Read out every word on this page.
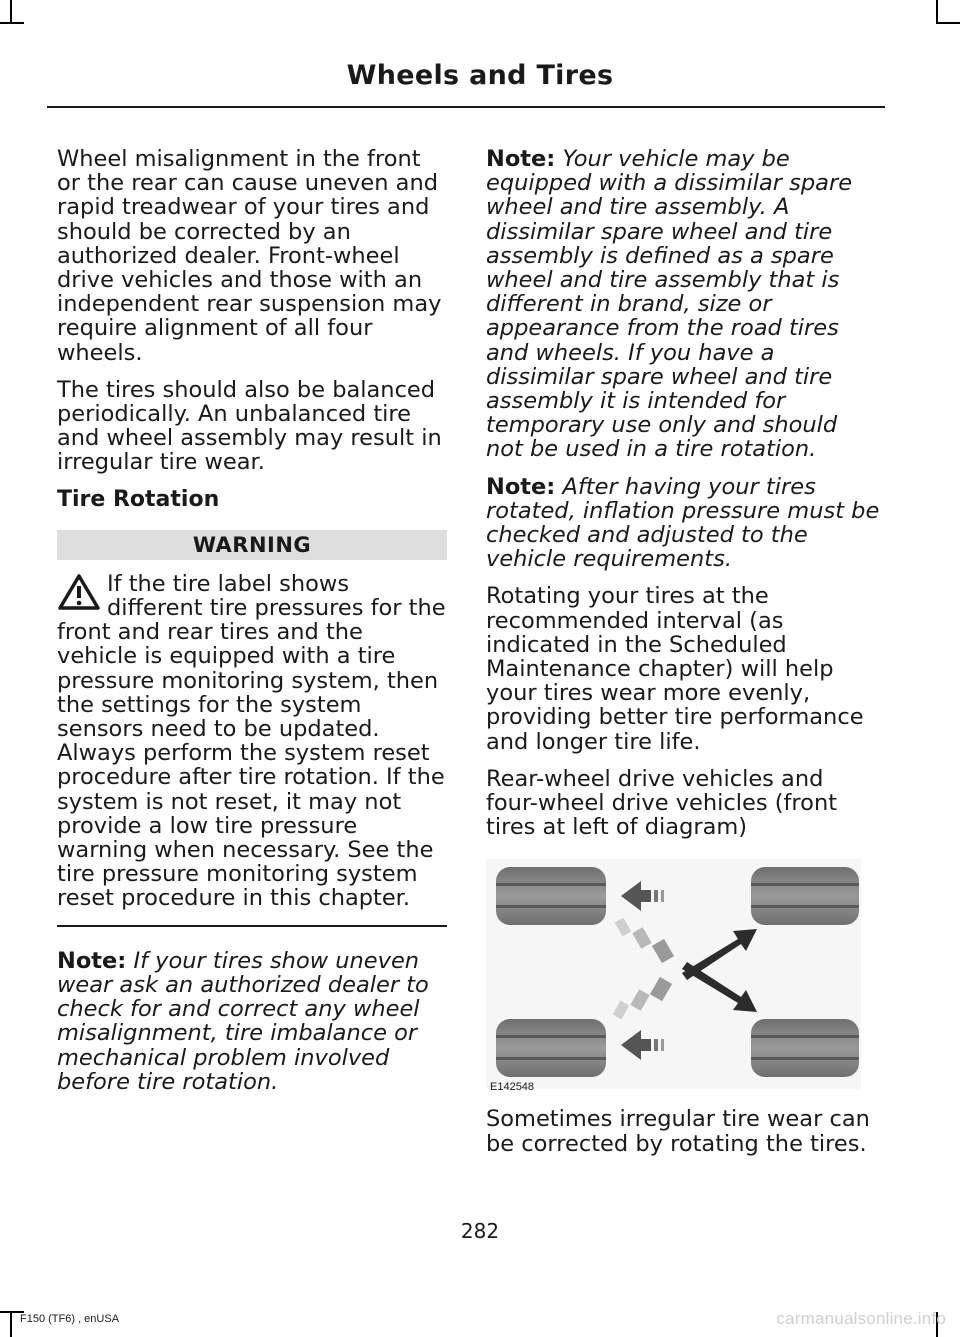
Wheels and Tires

Wheel misalignment in the front or the rear can cause uneven and rapid treadwear of your tires and should be corrected by an authorized dealer. Front-wheel drive vehicles and those with an independent rear suspension may require alignment of all four wheels.

The tires should also be balanced periodically. An unbalanced tire and wheel assembly may result in irregular tire wear.

Tire Rotation
WARNING

If the tire label shows different tire pressures for the front and rear tires and the vehicle is equipped with a tire pressure monitoring system, then the settings for the system sensors need to be updated. Always perform the system reset procedure after tire rotation. If the system is not reset, it may not provide a low tire pressure warning when necessary. See the tire pressure monitoring system reset procedure in this chapter.

Note: If your tires show uneven wear ask an authorized dealer to check for and correct any wheel misalignment, tire imbalance or mechanical problem involved before tire rotation.

Note: Your vehicle may be equipped with a dissimilar spare wheel and tire assembly. A dissimilar spare wheel and tire assembly is defined as a spare wheel and tire assembly that is different in brand, size or appearance from the road tires and wheels. If you have a dissimilar spare wheel and tire assembly it is intended for temporary use only and should not be used in a tire rotation.

Note: After having your tires rotated, inflation pressure must be checked and adjusted to the vehicle requirements.

Rotating your tires at the recommended interval (as indicated in the Scheduled Maintenance chapter) will help your tires wear more evenly, providing better tire performance and longer tire life.

Rear-wheel drive vehicles and four-wheel drive vehicles (front tires at left of diagram)

E142548

Sometimes irregular tire wear can be corrected by rotating the tires.

282
F150 (TF6) , enUSA	carmanualsonline.info
